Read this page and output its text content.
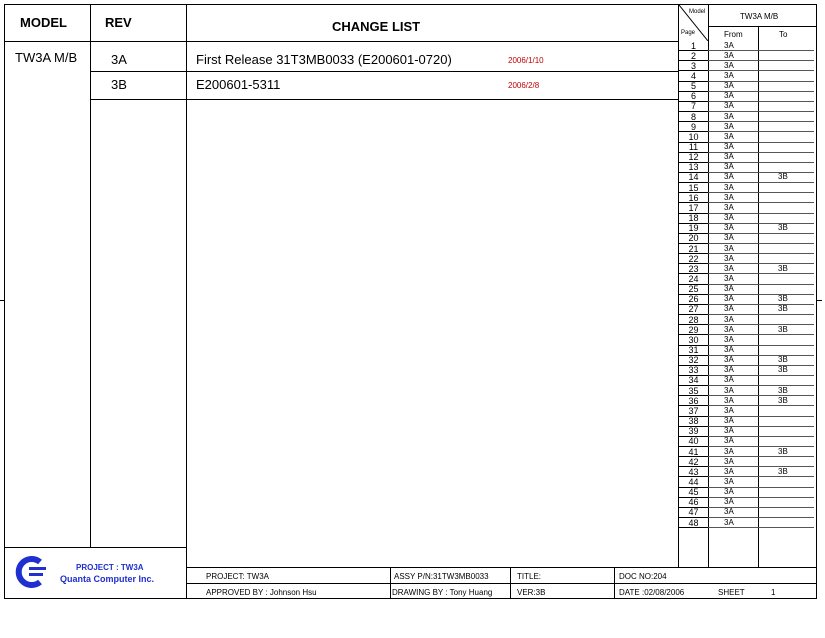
MODEL	REV	CHANGE LIST
TW3A M/B	3A	First Release 31T3MB0033 (E200601-0720)	2006/1/10
3B	E200601-5311	2006/2/8
Model
Page
TW3A M/B
From	To
1	3A
2	3A
3	3A
4	3A
5	3A
6	3A
7	3A
8	3A
9	3A
10	3A
11	3A
12	3A
13	3A
14	3A	3B
15	3A
16	3A
17	3A
18	3A
19	3A	3B
20	3A
21	3A
22	3A
23	3A	3B
24	3A
25	3A
26	3A	3B
27	3A	3B
28	3A
29	3A	3B
30	3A
31	3A
32	3A	3B
33	3A	3B
34	3A
35	3A	3B
36	3A	3B
37	3A
38	3A
39	3A
40	3A
41	3A	3B
42	3A
43	3A	3B
44	3A
45	3A
46	3A
47	3A
48	3A
PROJECT : TW3A
Quanta Computer Inc.	PROJECT: TW3A	ASSY P/N:31TW3MB0033	TITLE:	DOC NO:204
APPROVED BY : Johnson Hsu	DRAWING BY : Tony Huang	VER:3B	DATE :02/08/2006	SHEET	1
